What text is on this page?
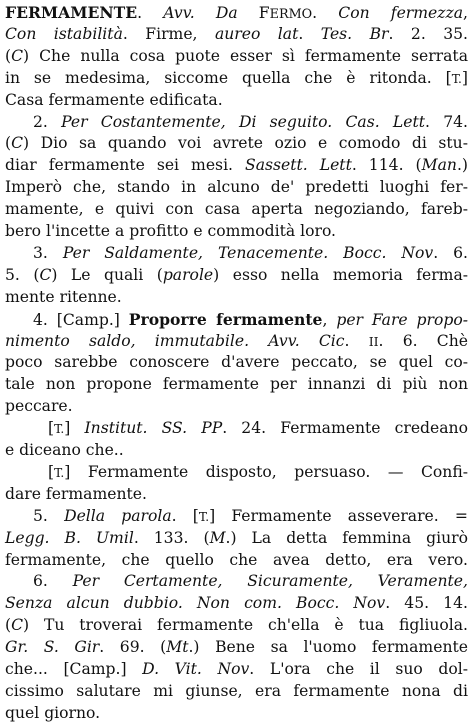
FERMAMENTE. Avv. Da FERMO. Con fermezza,
Con istabilità. Firme, aureo lat. Tes. Br. 2. 35.
(C) Che nulla cosa puote esser sì fermamente serrata
in se medesima, siccome quella che è ritonda. [T.]
Casa fermamente edificata.
2. Per Costantemente, Di seguito. Cas. Lett. 74.
(C) Dio sa quando voi avrete ozio e comodo di stu-
diar fermamente sei mesi. Sassett. Lett. 114. (Man.)
Imperò che, stando in alcuno de' predetti luoghi fer-
mamente, e quivi con casa aperta negoziando, fareb-
bero l'incette a profitto e commodità loro.
3. Per Saldamente, Tenacemente. Bocc. Nov. 6.
5. (C) Le quali (parole) esso nella memoria ferma-
mente ritenne.
4. [Camp.] Proporre fermamente, per Fare propo-
nimento saldo, immutabile. Avv. Cic. II. 6. Chè
poco sarebbe conoscere d'avere peccato, se quel co-
tale non propone fermamente per innanzi di più non
peccare.
[T.] Institut. SS. PP. 24. Fermamente credeano
e diceano che..
[T.] Fermamente disposto, persuaso. — Confi-
dare fermamente.
5. Della parola. [T.] Fermamente asseverare. =
Legg. B. Umil. 133. (M.) La detta femmina giurò
fermamente, che quello che avea detto, era vero.
6. Per Certamente, Sicuramente, Veramente,
Senza alcun dubbio. Non com. Bocc. Nov. 45. 14.
(C) Tu troverai fermamente ch'ella è tua figliuola.
Gr. S. Gir. 69. (Mt.) Bene sa l'uomo fermamente
che... [Camp.] D. Vit. Nov. L'ora che il suo dol-
cissimo salutare mi giunse, era fermamente nona di
quel giorno.
